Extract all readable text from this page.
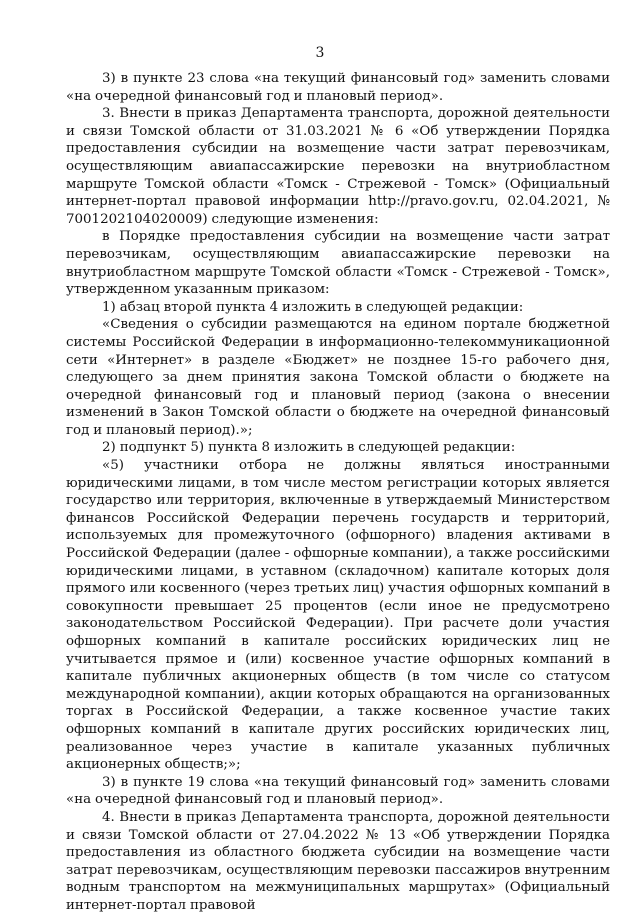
3

3) в пункте 23 слова «на текущий финансовый год» заменить словами «на очередной финансовый год и плановый период».

3. Внести в приказ Департамента транспорта, дорожной деятельности и связи Томской области от 31.03.2021 № 6 «Об утверждении Порядка предоставления субсидии на возмещение части затрат перевозчикам, осуществляющим авиапассажирские перевозки на внутриобластном маршруте Томской области «Томск - Стрежевой - Томск» (Официальный интернет-портал правовой информации http://pravo.gov.ru, 02.04.2021, № 7001202104020009) следующие изменения:

в Порядке предоставления субсидии на возмещение части затрат перевозчикам, осуществляющим авиапассажирские перевозки на внутриобластном маршруте Томской области «Томск - Стрежевой - Томск», утвержденном указанным приказом:

1) абзац второй пункта 4 изложить в следующей редакции:

«Сведения о субсидии размещаются на едином портале бюджетной системы Российской Федерации в информационно-телекоммуникационной сети «Интернет» в разделе «Бюджет» не позднее 15-го рабочего дня, следующего за днем принятия закона Томской области о бюджете на очередной финансовый год и плановый период (закона о внесении изменений в Закон Томской области о бюджете на очередной финансовый год и плановый период).»;

2) подпункт 5) пункта 8 изложить в следующей редакции:

«5) участники отбора не должны являться иностранными юридическими лицами, в том числе местом регистрации которых является государство или территория, включенные в утверждаемый Министерством финансов Российской Федерации перечень государств и территорий, используемых для промежуточного (офшорного) владения активами в Российской Федерации (далее - офшорные компании), а также российскими юридическими лицами, в уставном (складочном) капитале которых доля прямого или косвенного (через третьих лиц) участия офшорных компаний в совокупности превышает 25 процентов (если иное не предусмотрено законодательством Российской Федерации). При расчете доли участия офшорных компаний в капитале российских юридических лиц не учитывается прямое и (или) косвенное участие офшорных компаний в капитале публичных акционерных обществ (в том числе со статусом международной компании), акции которых обращаются на организованных торгах в Российской Федерации, а также косвенное участие таких офшорных компаний в капитале других российских юридических лиц, реализованное через участие в капитале указанных публичных акционерных обществ;»;

3) в пункте 19 слова «на текущий финансовый год» заменить словами «на очередной финансовый год и плановый период».

4. Внести в приказ Департамента транспорта, дорожной деятельности и связи Томской области от 27.04.2022 № 13 «Об утверждении Порядка предоставления из областного бюджета субсидии на возмещение части затрат перевозчикам, осуществляющим перевозки пассажиров внутренним водным транспортом на межмуниципальных маршрутах» (Официальный интернет-портал правовой
